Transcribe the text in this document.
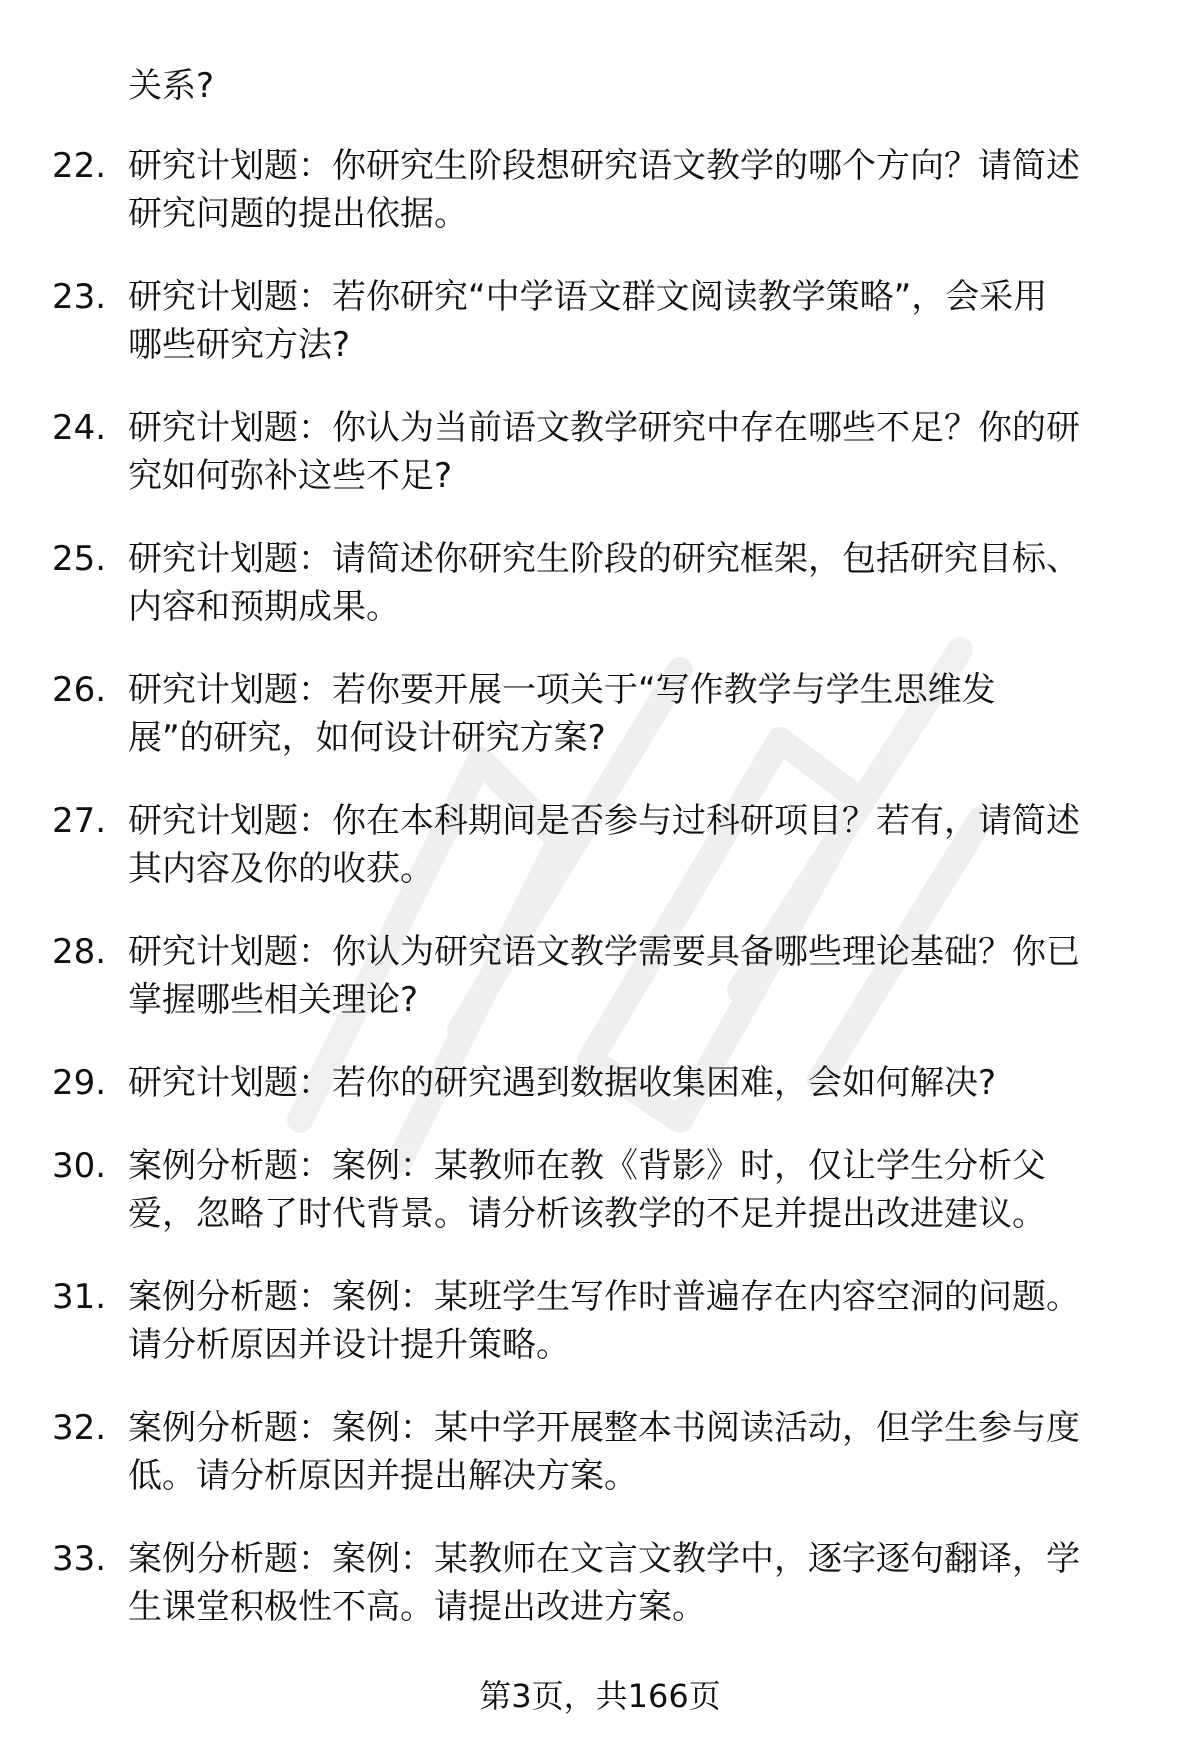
关系?
22. 研究计划题：你研究生阶段想研究语文教学的哪个方向？请简述
研究问题的提出依据。
23. 研究计划题：若你研究“中学语文群文阅读教学策略”，会采用
哪些研究方法?
24. 研究计划题：你认为当前语文教学研究中存在哪些不足？你的研
究如何弥补这些不足?
25. 研究计划题：请简述你研究生阶段的研究框架，包括研究目标、
内容和预期成果。
26. 研究计划题：若你要开展一项关于“写作教学与学生思维发
展”的研究，如何设计研究方案?
27. 研究计划题：你在本科期间是否参与过科研项目？若有，请简述
其内容及你的收获。
28. 研究计划题：你认为研究语文教学需要具备哪些理论基础？你已
掌握哪些相关理论?
29. 研究计划题：若你的研究遇到数据收集困难，会如何解决?
30. 案例分析题：案例：某教师在教《背影》时，仅让学生分析父
爱，忽略了时代背景。请分析该教学的不足并提出改进建议。
31. 案例分析题：案例：某班学生写作时普遍存在内容空洞的问题。
请分析原因并设计提升策略。
32. 案例分析题：案例：某中学开展整本书阅读活动，但学生参与度
低。请分析原因并提出解决方案。
33. 案例分析题：案例：某教师在文言文教学中，逐字逐句翻译，学
生课堂积极性不高。请提出改进方案。
第3页，共166页
